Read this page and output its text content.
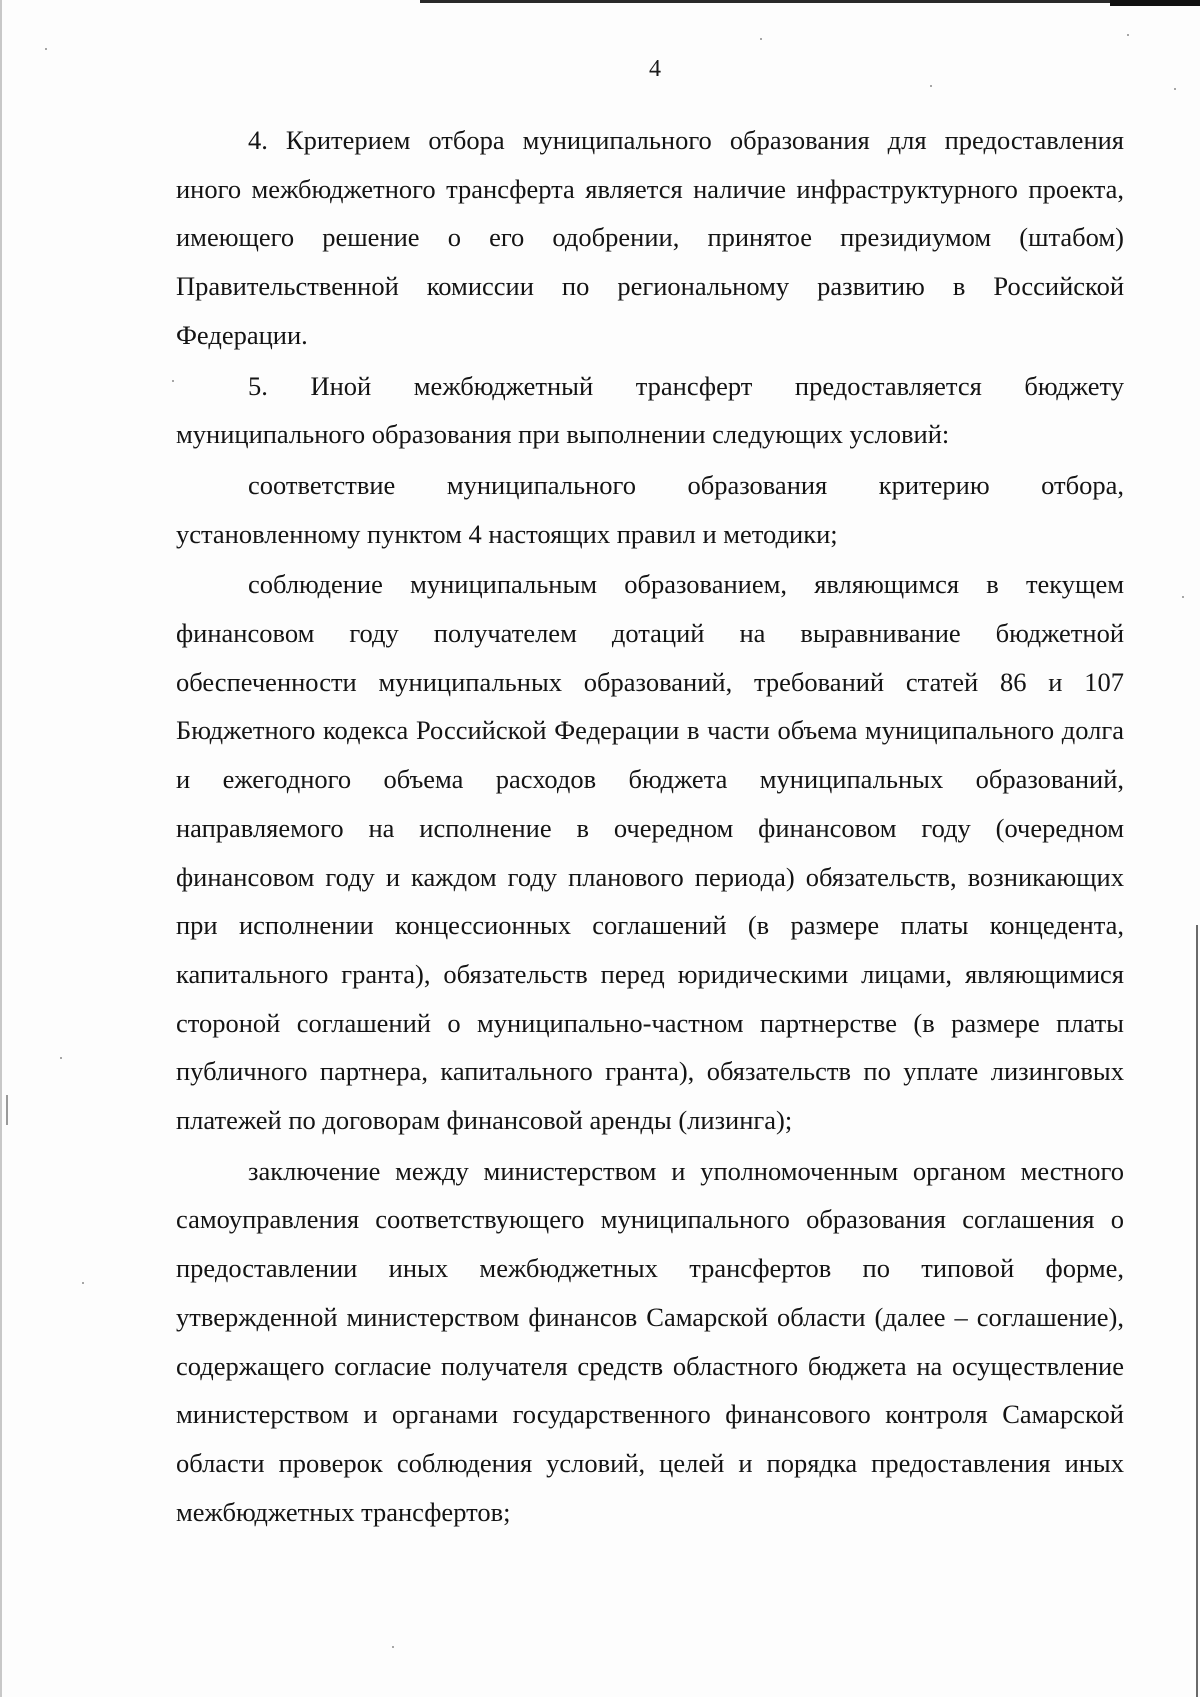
4

4. Критерием отбора муниципального образования для предоставления иного межбюджетного трансферта является наличие инфраструктурного проекта, имеющего решение о его одобрении, принятое президиумом (штабом) Правительственной комиссии по региональному развитию в Российской Федерации.

5. Иной межбюджетный трансферт предоставляется бюджету муниципального образования при выполнении следующих условий:

соответствие муниципального образования критерию отбора, установленному пунктом 4 настоящих правил и методики;

соблюдение муниципальным образованием, являющимся в текущем финансовом году получателем дотаций на выравнивание бюджетной обеспеченности муниципальных образований, требований статей 86 и 107 Бюджетного кодекса Российской Федерации в части объема муниципального долга и ежегодного объема расходов бюджета муниципальных образований, направляемого на исполнение в очередном финансовом году (очередном финансовом году и каждом году планового периода) обязательств, возникающих при исполнении концессионных соглашений (в размере платы концедента, капитального гранта), обязательств перед юридическими лицами, являющимися стороной соглашений о муниципально-частном партнерстве (в размере платы публичного партнера, капитального гранта), обязательств по уплате лизинговых платежей по договорам финансовой аренды (лизинга);

заключение между министерством и уполномоченным органом местного самоуправления соответствующего муниципального образования соглашения о предоставлении иных межбюджетных трансфертов по типовой форме, утвержденной министерством финансов Самарской области (далее – соглашение), содержащего согласие получателя средств областного бюджета на осуществление министерством и органами государственного финансового контроля Самарской области проверок соблюдения условий, целей и порядка предоставления иных межбюджетных трансфертов;
